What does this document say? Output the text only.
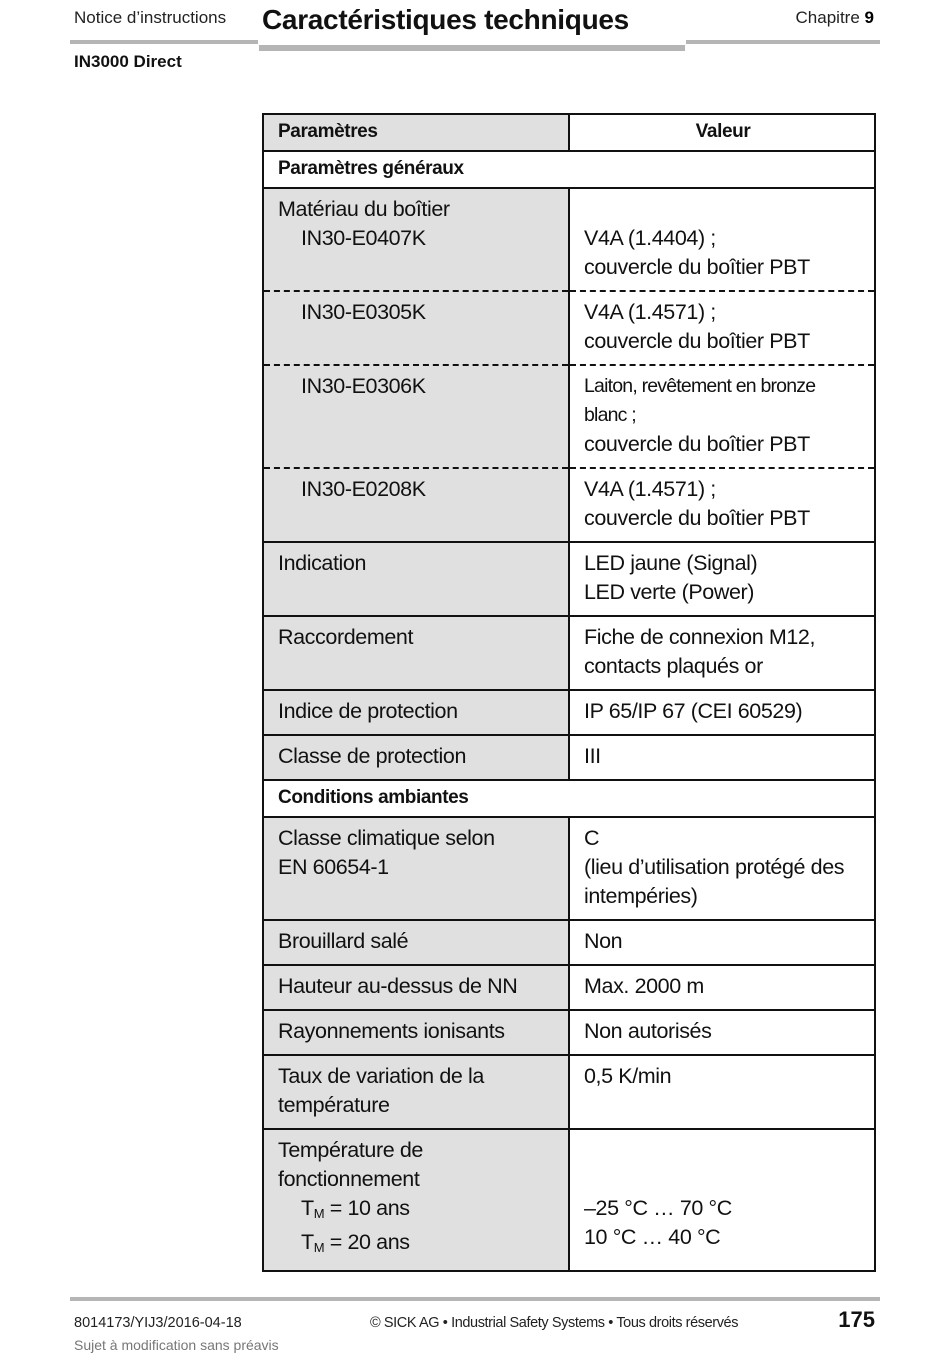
Notice d’instructions Caractéristiques techniques	Chapitre 9
IN3000 Direct
Paramètres	Valeur
Paramètres généraux	

Matériau du boîtier
IN30-E0407K	V4A (1.4404) ;
couvercle du boîtier PBT

IN30-E0305K	V4A (1.4571) ;
couvercle du boîtier PBT

IN30-E0306K	Laiton, revêtement en bronze
blanc ;
couvercle du boîtier PBT

IN30-E0208K	V4A (1.4571) ;
couvercle du boîtier PBT

Indication	LED jaune (Signal)
LED verte (Power)

Raccordement	Fiche de connexion M12,
contacts plaqués or

Indice de protection	IP 65/IP 67 (CEI 60529)
Classe de protection	III
Conditions ambiantes	

Classe climatique selon
EN 60654-1	C
(lieu d’utilisation protégé des
intempéries)

Brouillard salé	Non
Hauteur au-dessus de NN	Max. 2000 m
Rayonnements ionisants	Non autorisés

Taux de variation de la
température	0,5 K/min

Température de
fonctionnement
$T_M = 10$ ans
$T_M = 20$ ans	–25 °C … 70 °C
10 °C … 40 °C
8014173/YIJ3/2016-04-18
Sujet à modification sans préavis
© SICK AG • Industrial Safety Systems • Tous droits réservés	175
